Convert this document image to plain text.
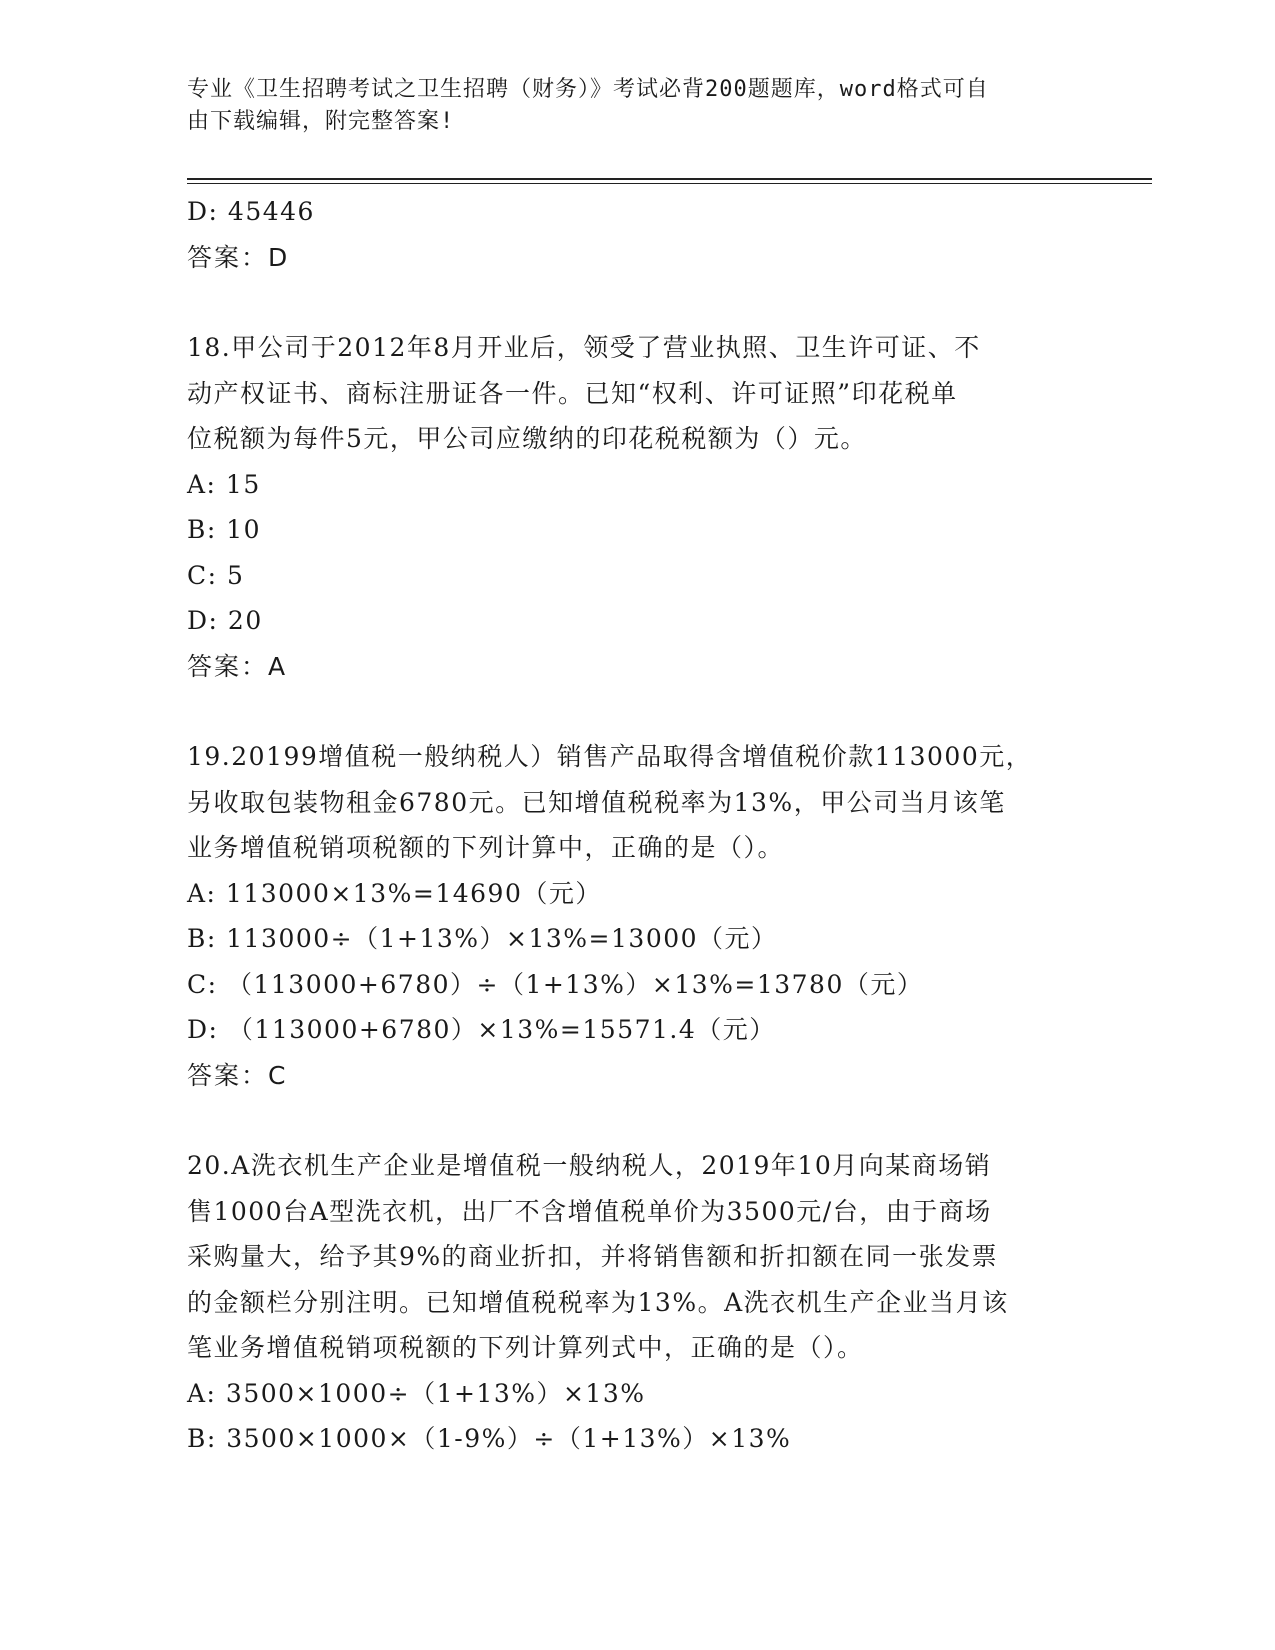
专业《卫生招聘考试之卫生招聘（财务）》考试必背200题题库，word格式可自
由下载编辑，附完整答案!
D: 45446
答案：D
18.甲公司于2012年8月开业后，领受了营业执照、卫生许可证、不
动产权证书、商标注册证各一件。已知“权利、许可证照”印花税单
位税额为每件5元，甲公司应缴纳的印花税税额为（）元。
A: 15
B: 10
C: 5
D: 20
答案：A
19.20199增值税一般纳税人）销售产品取得含增值税价款113000元，
另收取包装物租金6780元。已知增值税税率为13%，甲公司当月该笔
业务增值税销项税额的下列计算中，正确的是（）。
A: 113000×13%=14690（元）
B: 113000÷（1+13%）×13%=13000（元）
C: （113000+6780）÷（1+13%）×13%=13780（元）
D: （113000+6780）×13%=15571.4（元）
答案：C
20.A洗衣机生产企业是增值税一般纳税人，2019年10月向某商场销
售1000台A型洗衣机，出厂不含增值税单价为3500元/台，由于商场
采购量大，给予其9%的商业折扣，并将销售额和折扣额在同一张发票
的金额栏分别注明。已知增值税税率为13%。A洗衣机生产企业当月该
笔业务增值税销项税额的下列计算列式中，正确的是（）。
A: 3500×1000÷（1+13%）×13%
B: 3500×1000×（1-9%）÷（1+13%）×13%
